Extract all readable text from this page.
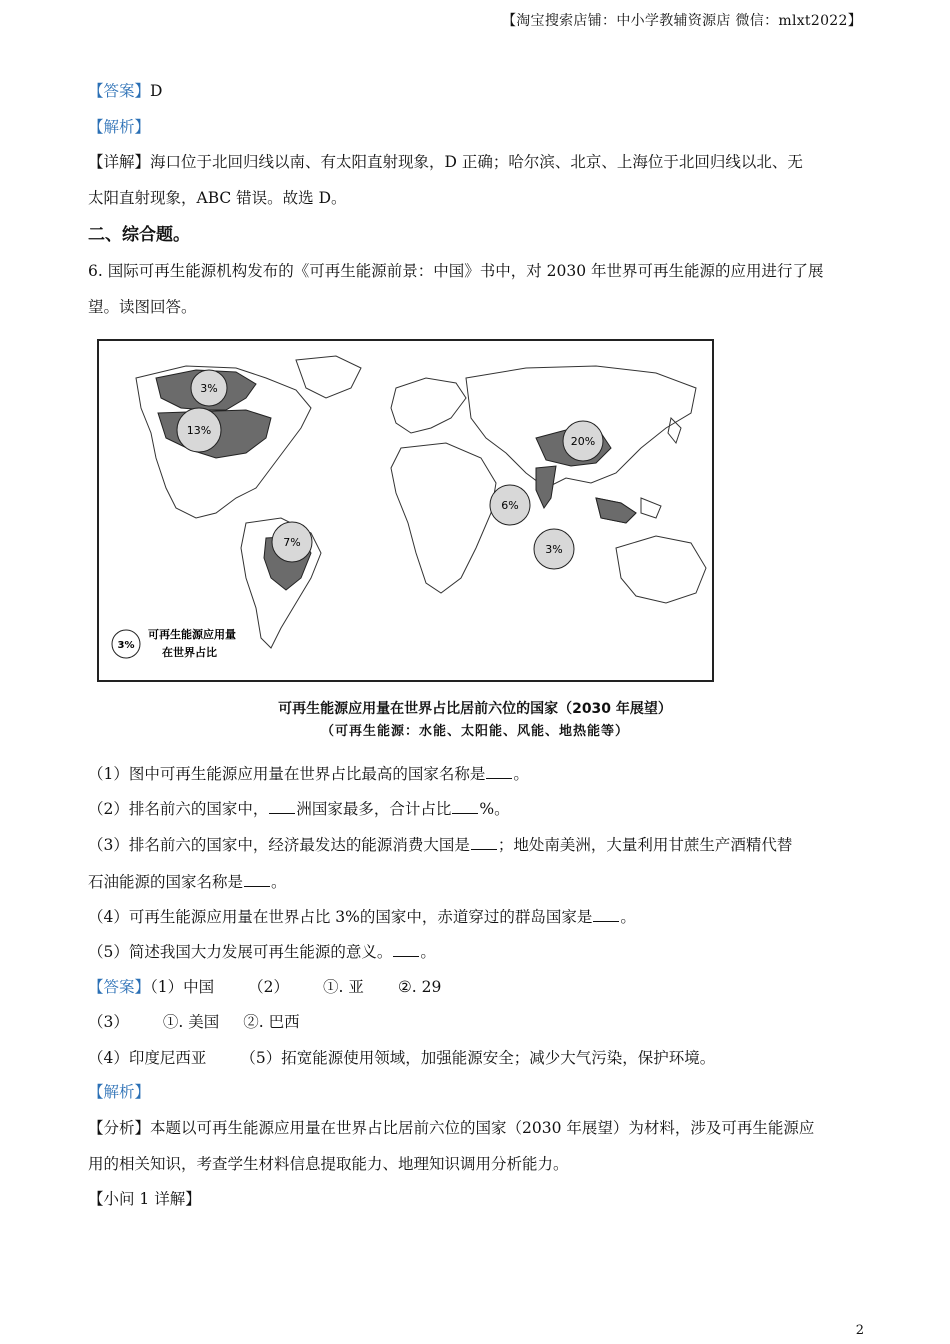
【淘宝搜索店铺：中小学教辅资源店 微信：mlxt2022】
【答案】D
【解析】
【详解】海口位于北回归线以南、有太阳直射现象，D 正确；哈尔滨、北京、上海位于北回归线以北、无
太阳直射现象，ABC 错误。故选 D。
二、综合题。
6. 国际可再生能源机构发布的《可再生能源前景：中国》书中，对 2030 年世界可再生能源的应用进行了展
望。读图回答。
3%
13%
7%
6%
3%
20%
3%
可再生能源应用量
在世界占比
可再生能源应用量在世界占比居前六位的国家（2030 年展望）
（可再生能源：水能、太阳能、风能、地热能等）
（1）图中可再生能源应用量在世界占比最高的国家名称是 。
（2）排名前六的国家中， 洲国家最多，合计占比 %。
（3）排名前六的国家中，经济最发达的能源消费大国是 ；地处南美洲，大量利用甘蔗生产酒精代替
石油能源的国家名称是 。
（4）可再生能源应用量在世界占比 3%的国家中，赤道穿过的群岛国家是 。
（5）简述我国大力发展可再生能源的意义。 。
【答案】（1）中国 （2） ①. 亚 ②. 29
（3） ①. 美国 ②. 巴西
（4）印度尼西亚 （5）拓宽能源使用领域，加强能源安全；减少大气污染，保护环境。
【解析】
【分析】本题以可再生能源应用量在世界占比居前六位的国家（2030 年展望）为材料，涉及可再生能源应
用的相关知识，考查学生材料信息提取能力、地理知识调用分析能力。
【小问 1 详解】
2
